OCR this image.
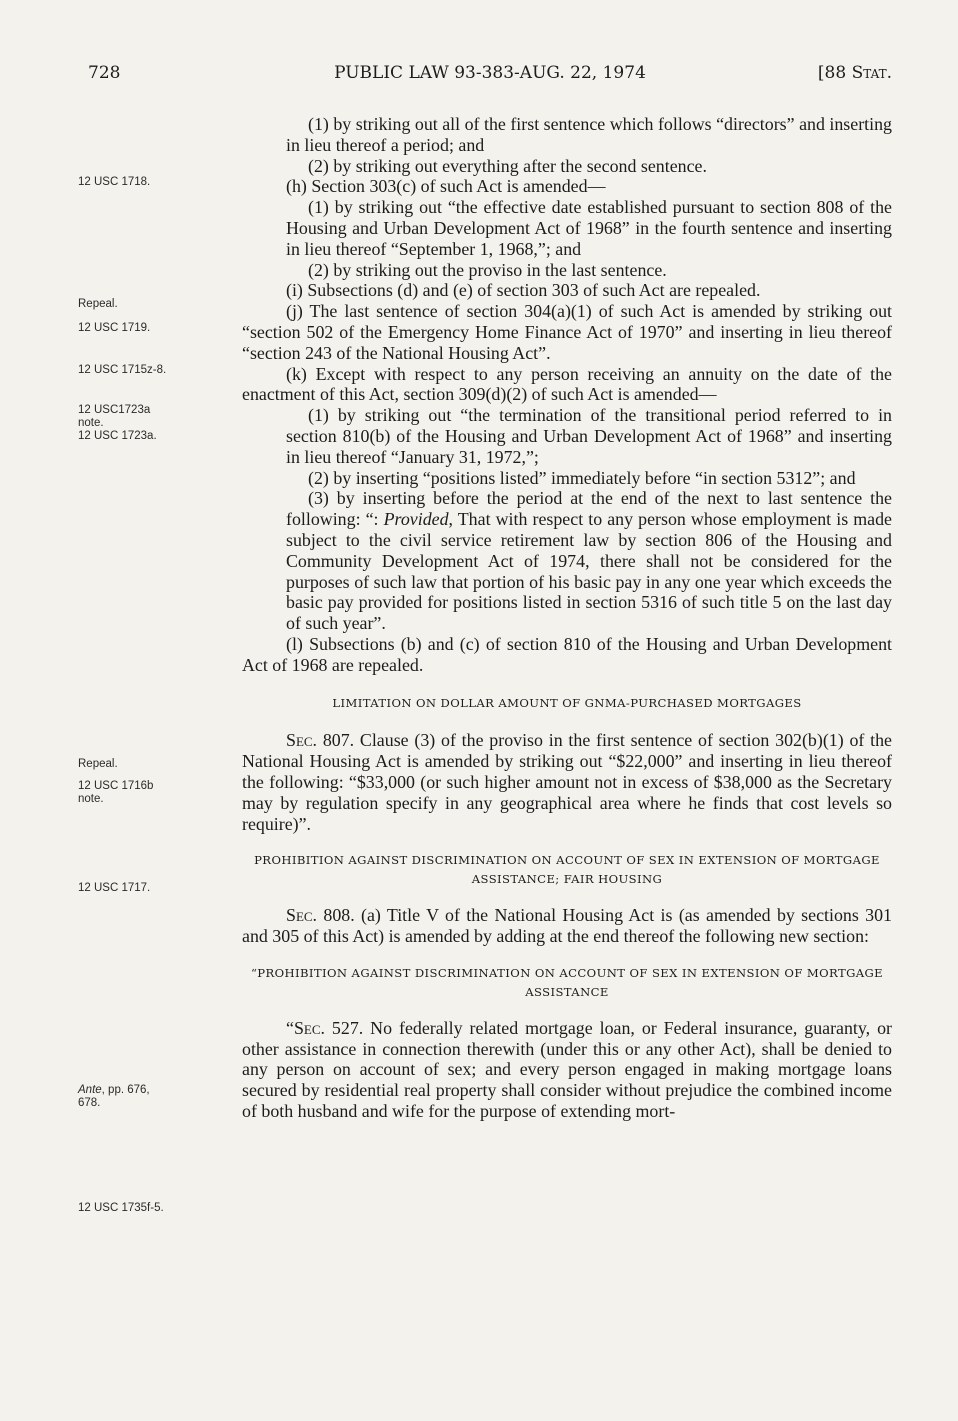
728	PUBLIC LAW 93-383-AUG. 22, 1974	[88 Stat.
12 USC 1718.
Repeal.
12 USC 1719.
12 USC 1715z-8.
12 USC1723a
note.
12 USC 1723a.
Repeal.
12 USC 1716b
note.
12 USC 1717.
Ante, pp. 676,
678.
12 USC 1735f-5.

(1) by striking out all of the first sentence which follows “directors” and inserting in lieu thereof a period; and

(2) by striking out everything after the second sentence.

(h) Section 303(c) of such Act is amended—

(1) by striking out “the effective date established pursuant to section 808 of the Housing and Urban Development Act of 1968” in the fourth sentence and inserting in lieu thereof “September 1, 1968,”; and

(2) by striking out the proviso in the last sentence.

(i) Subsections (d) and (e) of section 303 of such Act are repealed.

(j) The last sentence of section 304(a)(1) of such Act is amended by striking out “section 502 of the Emergency Home Finance Act of 1970” and inserting in lieu thereof “section 243 of the National Housing Act”.

(k) Except with respect to any person receiving an annuity on the date of the enactment of this Act, section 309(d)(2) of such Act is amended—

(1) by striking out “the termination of the transitional period referred to in section 810(b) of the Housing and Urban Development Act of 1968” and inserting in lieu thereof “January 31, 1972,”;

(2) by inserting “positions listed” immediately before “in section 5312”; and

(3) by inserting before the period at the end of the next to last sentence the following: “: Provided, That with respect to any person whose employment is made subject to the civil service retirement law by section 806 of the Housing and Community Development Act of 1974, there shall not be considered for the purposes of such law that portion of his basic pay in any one year which exceeds the basic pay provided for positions listed in section 5316 of such title 5 on the last day of such year”.

(l) Subsections (b) and (c) of section 810 of the Housing and Urban Development Act of 1968 are repealed.

LIMITATION ON DOLLAR AMOUNT OF GNMA-PURCHASED MORTGAGES

Sec. 807. Clause (3) of the proviso in the first sentence of section 302(b)(1) of the National Housing Act is amended by striking out “$22,000” and inserting in lieu thereof the following: “$33,000 (or such higher amount not in excess of $38,000 as the Secretary may by regulation specify in any geographical area where he finds that cost levels so require)”.

PROHIBITION AGAINST DISCRIMINATION ON ACCOUNT OF SEX IN EXTENSION OF MORTGAGE ASSISTANCE; FAIR HOUSING

Sec. 808. (a) Title V of the National Housing Act is (as amended by sections 301 and 305 of this Act) is amended by adding at the end thereof the following new section:

“PROHIBITION AGAINST DISCRIMINATION ON ACCOUNT OF SEX IN EXTENSION OF MORTGAGE ASSISTANCE

“Sec. 527. No federally related mortgage loan, or Federal insurance, guaranty, or other assistance in connection therewith (under this or any other Act), shall be denied to any person on account of sex; and every person engaged in making mortgage loans secured by residential real property shall consider without prejudice the combined income of both husband and wife for the purpose of extending mort-
